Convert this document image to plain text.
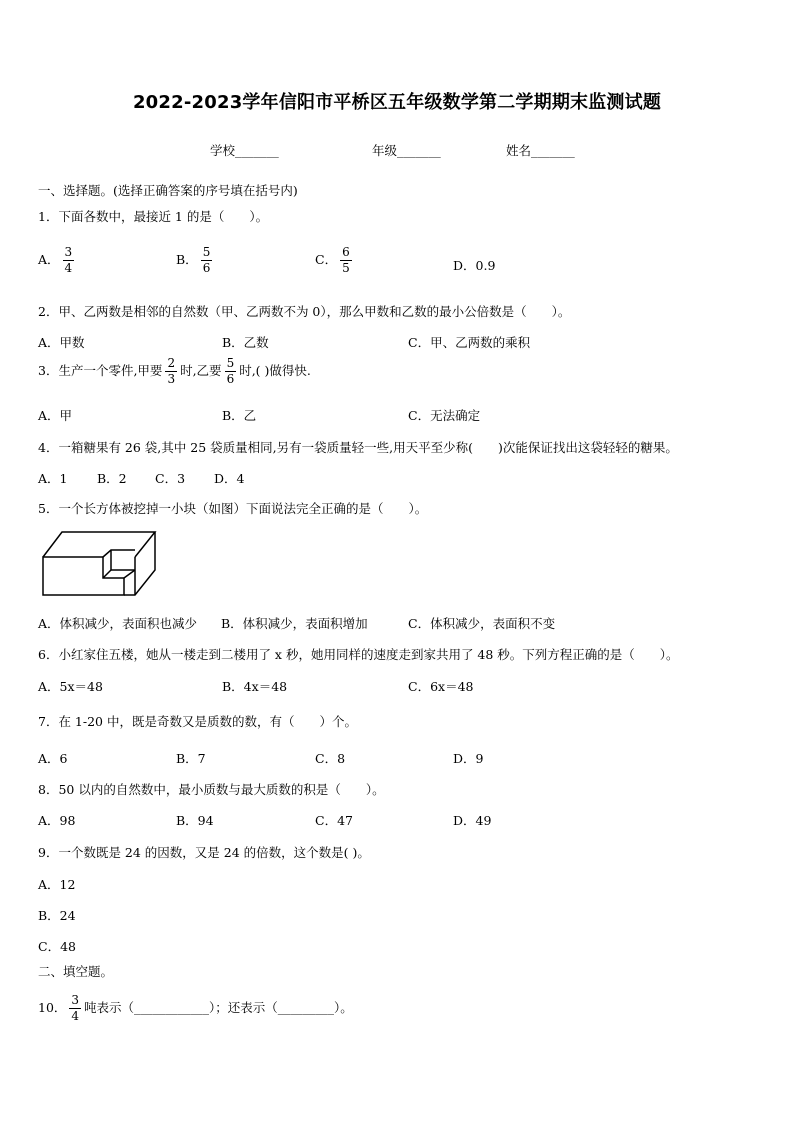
2022-2023学年信阳市平桥区五年级数学第二学期期末监测试题
学校_______	年级_______	姓名_______
一、选择题。(选择正确答案的序号填在括号内)
1．下面各数中，最接近 1 的是（　　）。
A． $\frac{3}{4}$	B． $\frac{5}{6}$	C． $\frac{6}{5}$	D．0.9
2．甲、乙两数是相邻的自然数（甲、乙两数不为 0），那么甲数和乙数的最小公倍数是（　　）。
A．甲数	B．乙数	C．甲、乙两数的乘积
3．生产一个零件,甲要 $\frac{2}{3}$ 时,乙要 $\frac{5}{6}$ 时,( )做得快.
A．甲	B．乙	C．无法确定
4．一箱糖果有 26 袋,其中 25 袋质量相同,另有一袋质量轻一些,用天平至少称(　　)次能保证找出这袋轻轻的糖果。
A．1 B．2 C．3 D．4
5．一个长方体被挖掉一小块（如图）下面说法完全正确的是（　　）。
A．体积减少，表面积也减少 B．体积减少，表面积增加	C．体积减少，表面积不变
6．小红家住五楼，她从一楼走到二楼用了 x 秒，她用同样的速度走到家共用了 48 秒。下列方程正确的是（　　）。
A．5x＝48	B．4x＝48	C．6x＝48
7．在 1-20 中，既是奇数又是质数的数，有（　　）个。
A．6	B．7	C．8	D．9
8．50 以内的自然数中，最小质数与最大质数的积是（　　）。
A．98	B．94	C．47	D．49
9．一个数既是 24 的因数，又是 24 的倍数，这个数是( )。
A．12
B．24
C．48
二、填空题。
10． $\frac{3}{4}$ 吨表示（____________）；还表示（_________）。
